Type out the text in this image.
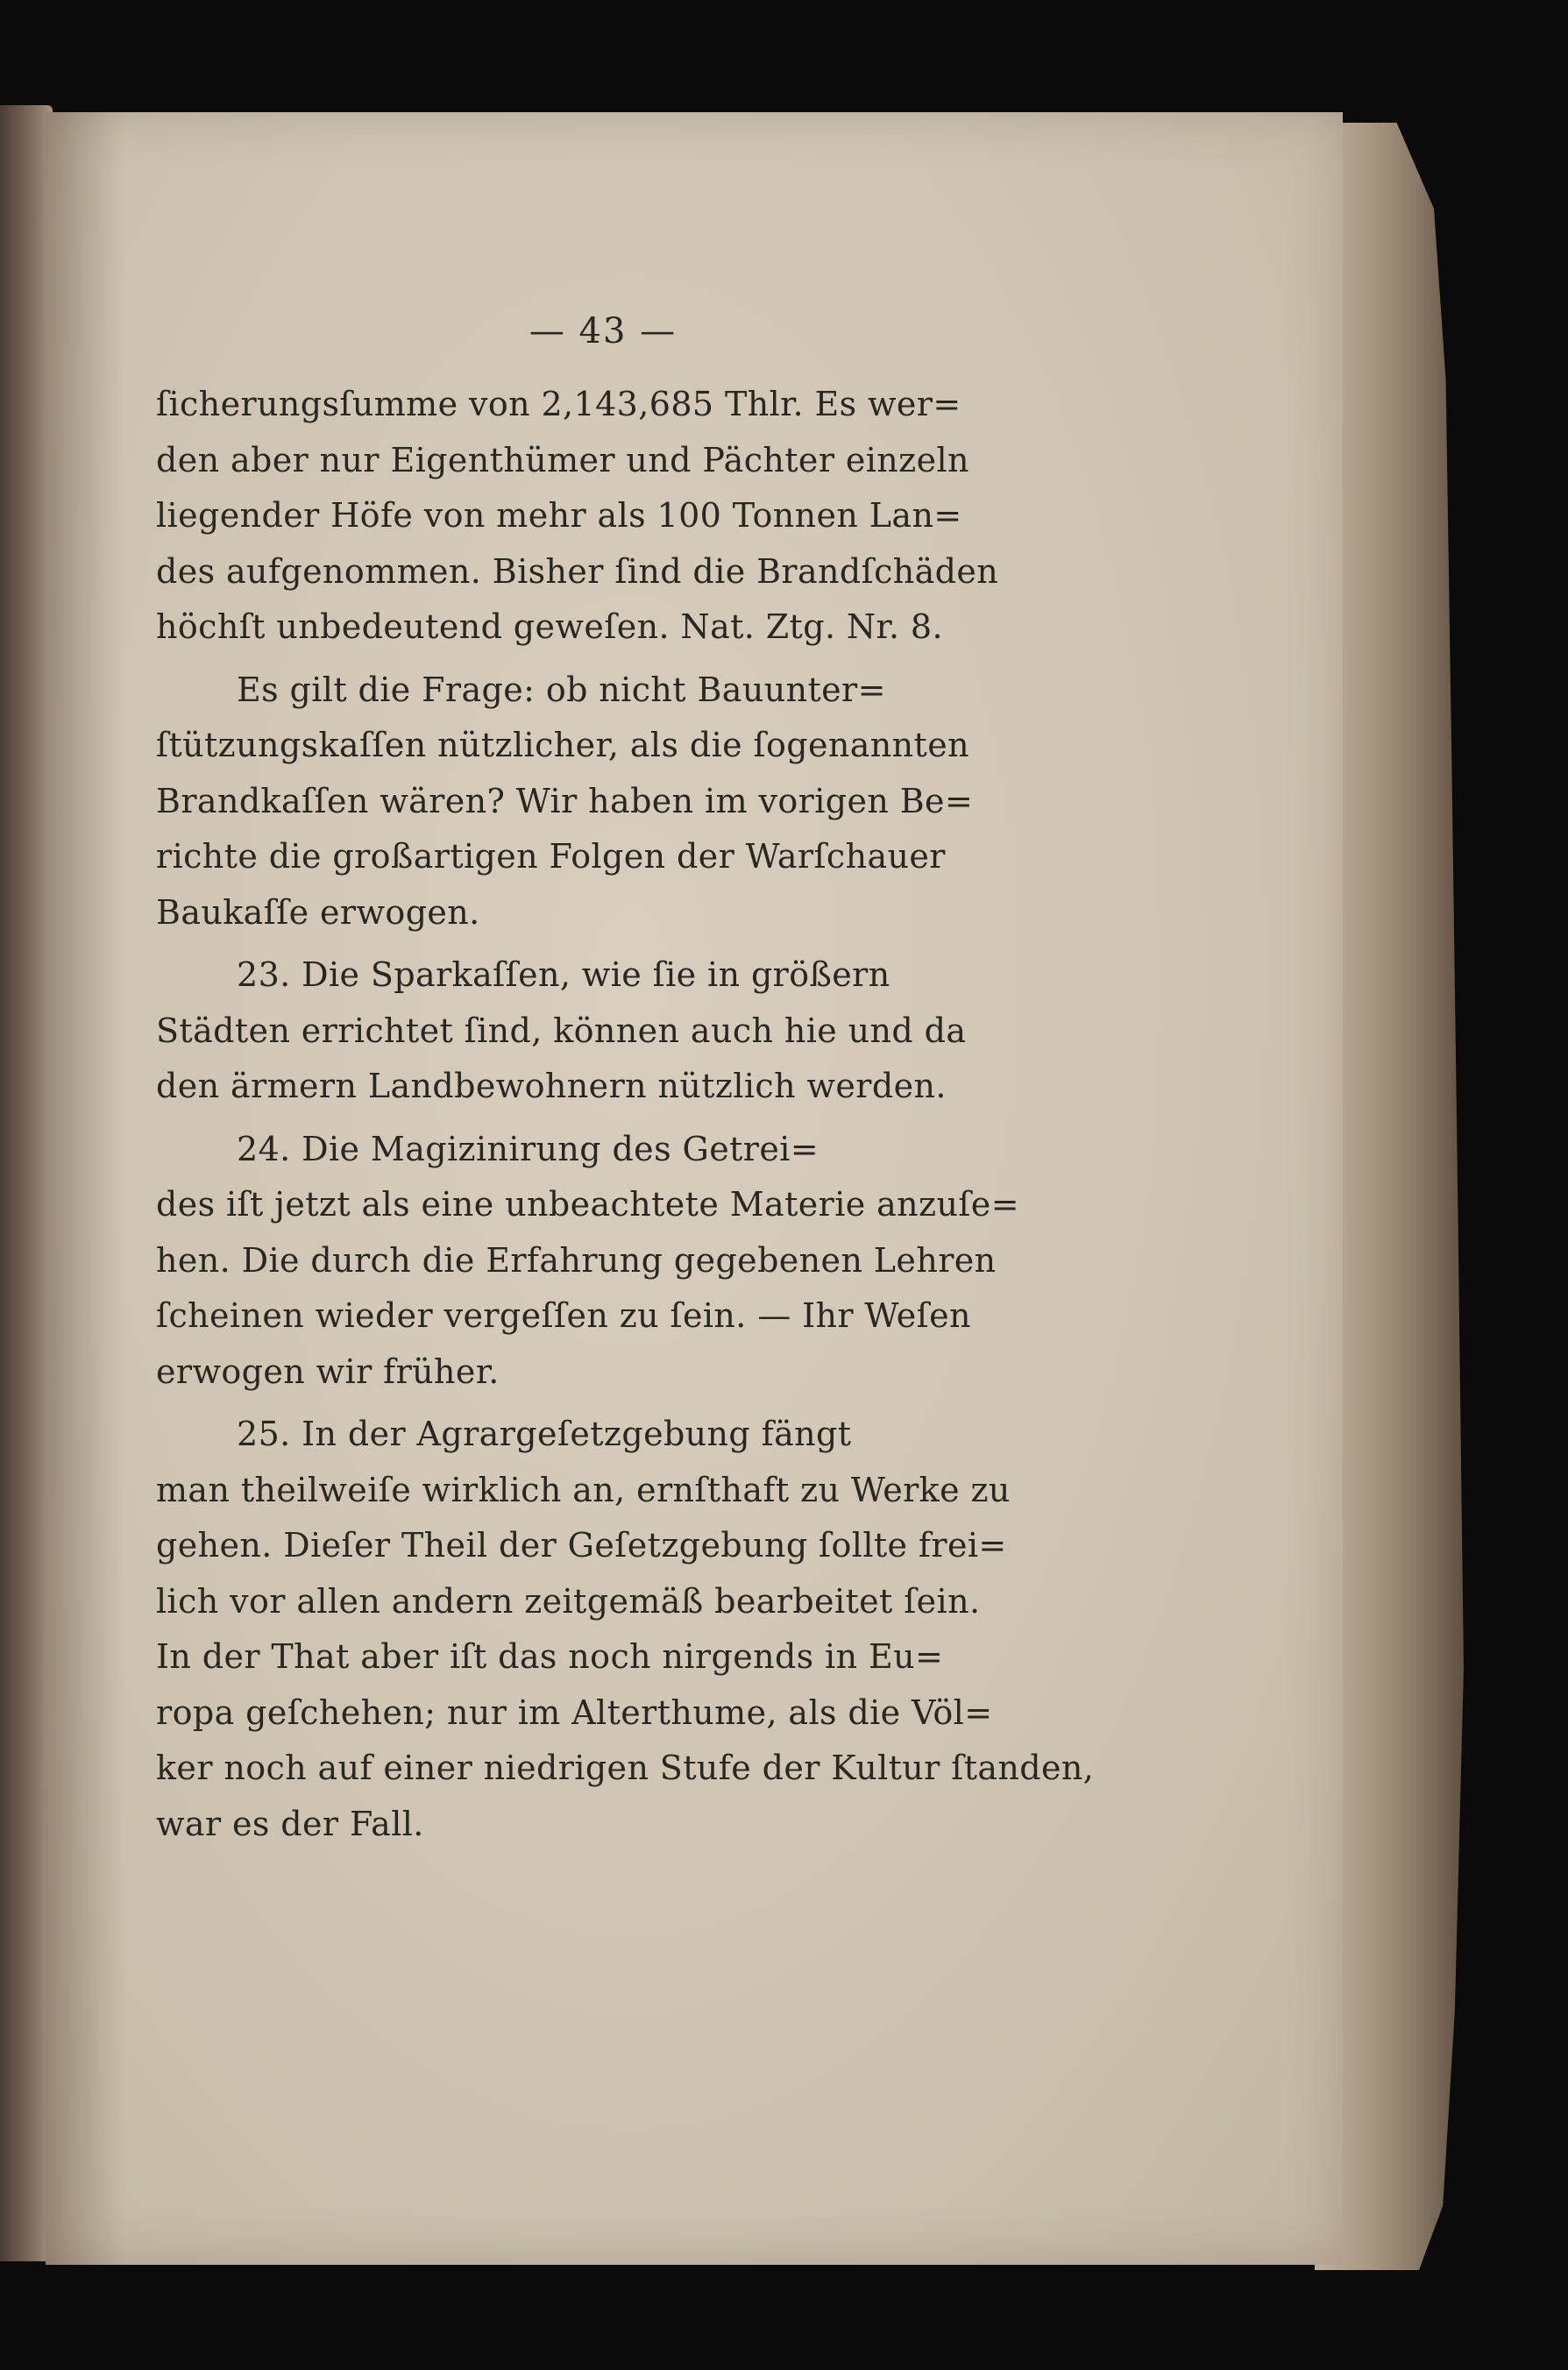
— 43 —
ſicherungsſumme von 2,143,685 Thlr. Es wer=
den aber nur Eigenthümer und Pächter einzeln
liegender Höfe von mehr als 100 Tonnen Lan=
des aufgenommen. Bisher ſind die Brandſchäden
höchſt unbedeutend geweſen. Nat. Ztg. Nr. 8.
Es gilt die Frage: ob nicht Bauunter=
ſtützungskaſſen nützlicher, als die ſogenannten
Brandkaſſen wären? Wir haben im vorigen Be=
richte die großartigen Folgen der Warſchauer
Baukaſſe erwogen.
23. Die Sparkaſſen, wie ſie in größern
Städten errichtet ſind, können auch hie und da
den ärmern Landbewohnern nützlich werden.
24. Die Magizinirung des Getrei=
des iſt jetzt als eine unbeachtete Materie anzuſe=
hen. Die durch die Erfahrung gegebenen Lehren
ſcheinen wieder vergeſſen zu ſein. — Ihr Weſen
erwogen wir früher.
25. In der Agrargeſetzgebung fängt
man theilweiſe wirklich an, ernſthaft zu Werke zu
gehen. Dieſer Theil der Geſetzgebung ſollte frei=
lich vor allen andern zeitgemäß bearbeitet ſein.
In der That aber iſt das noch nirgends in Eu=
ropa geſchehen; nur im Alterthume, als die Völ=
ker noch auf einer niedrigen Stufe der Kultur ſtanden,
war es der Fall.
